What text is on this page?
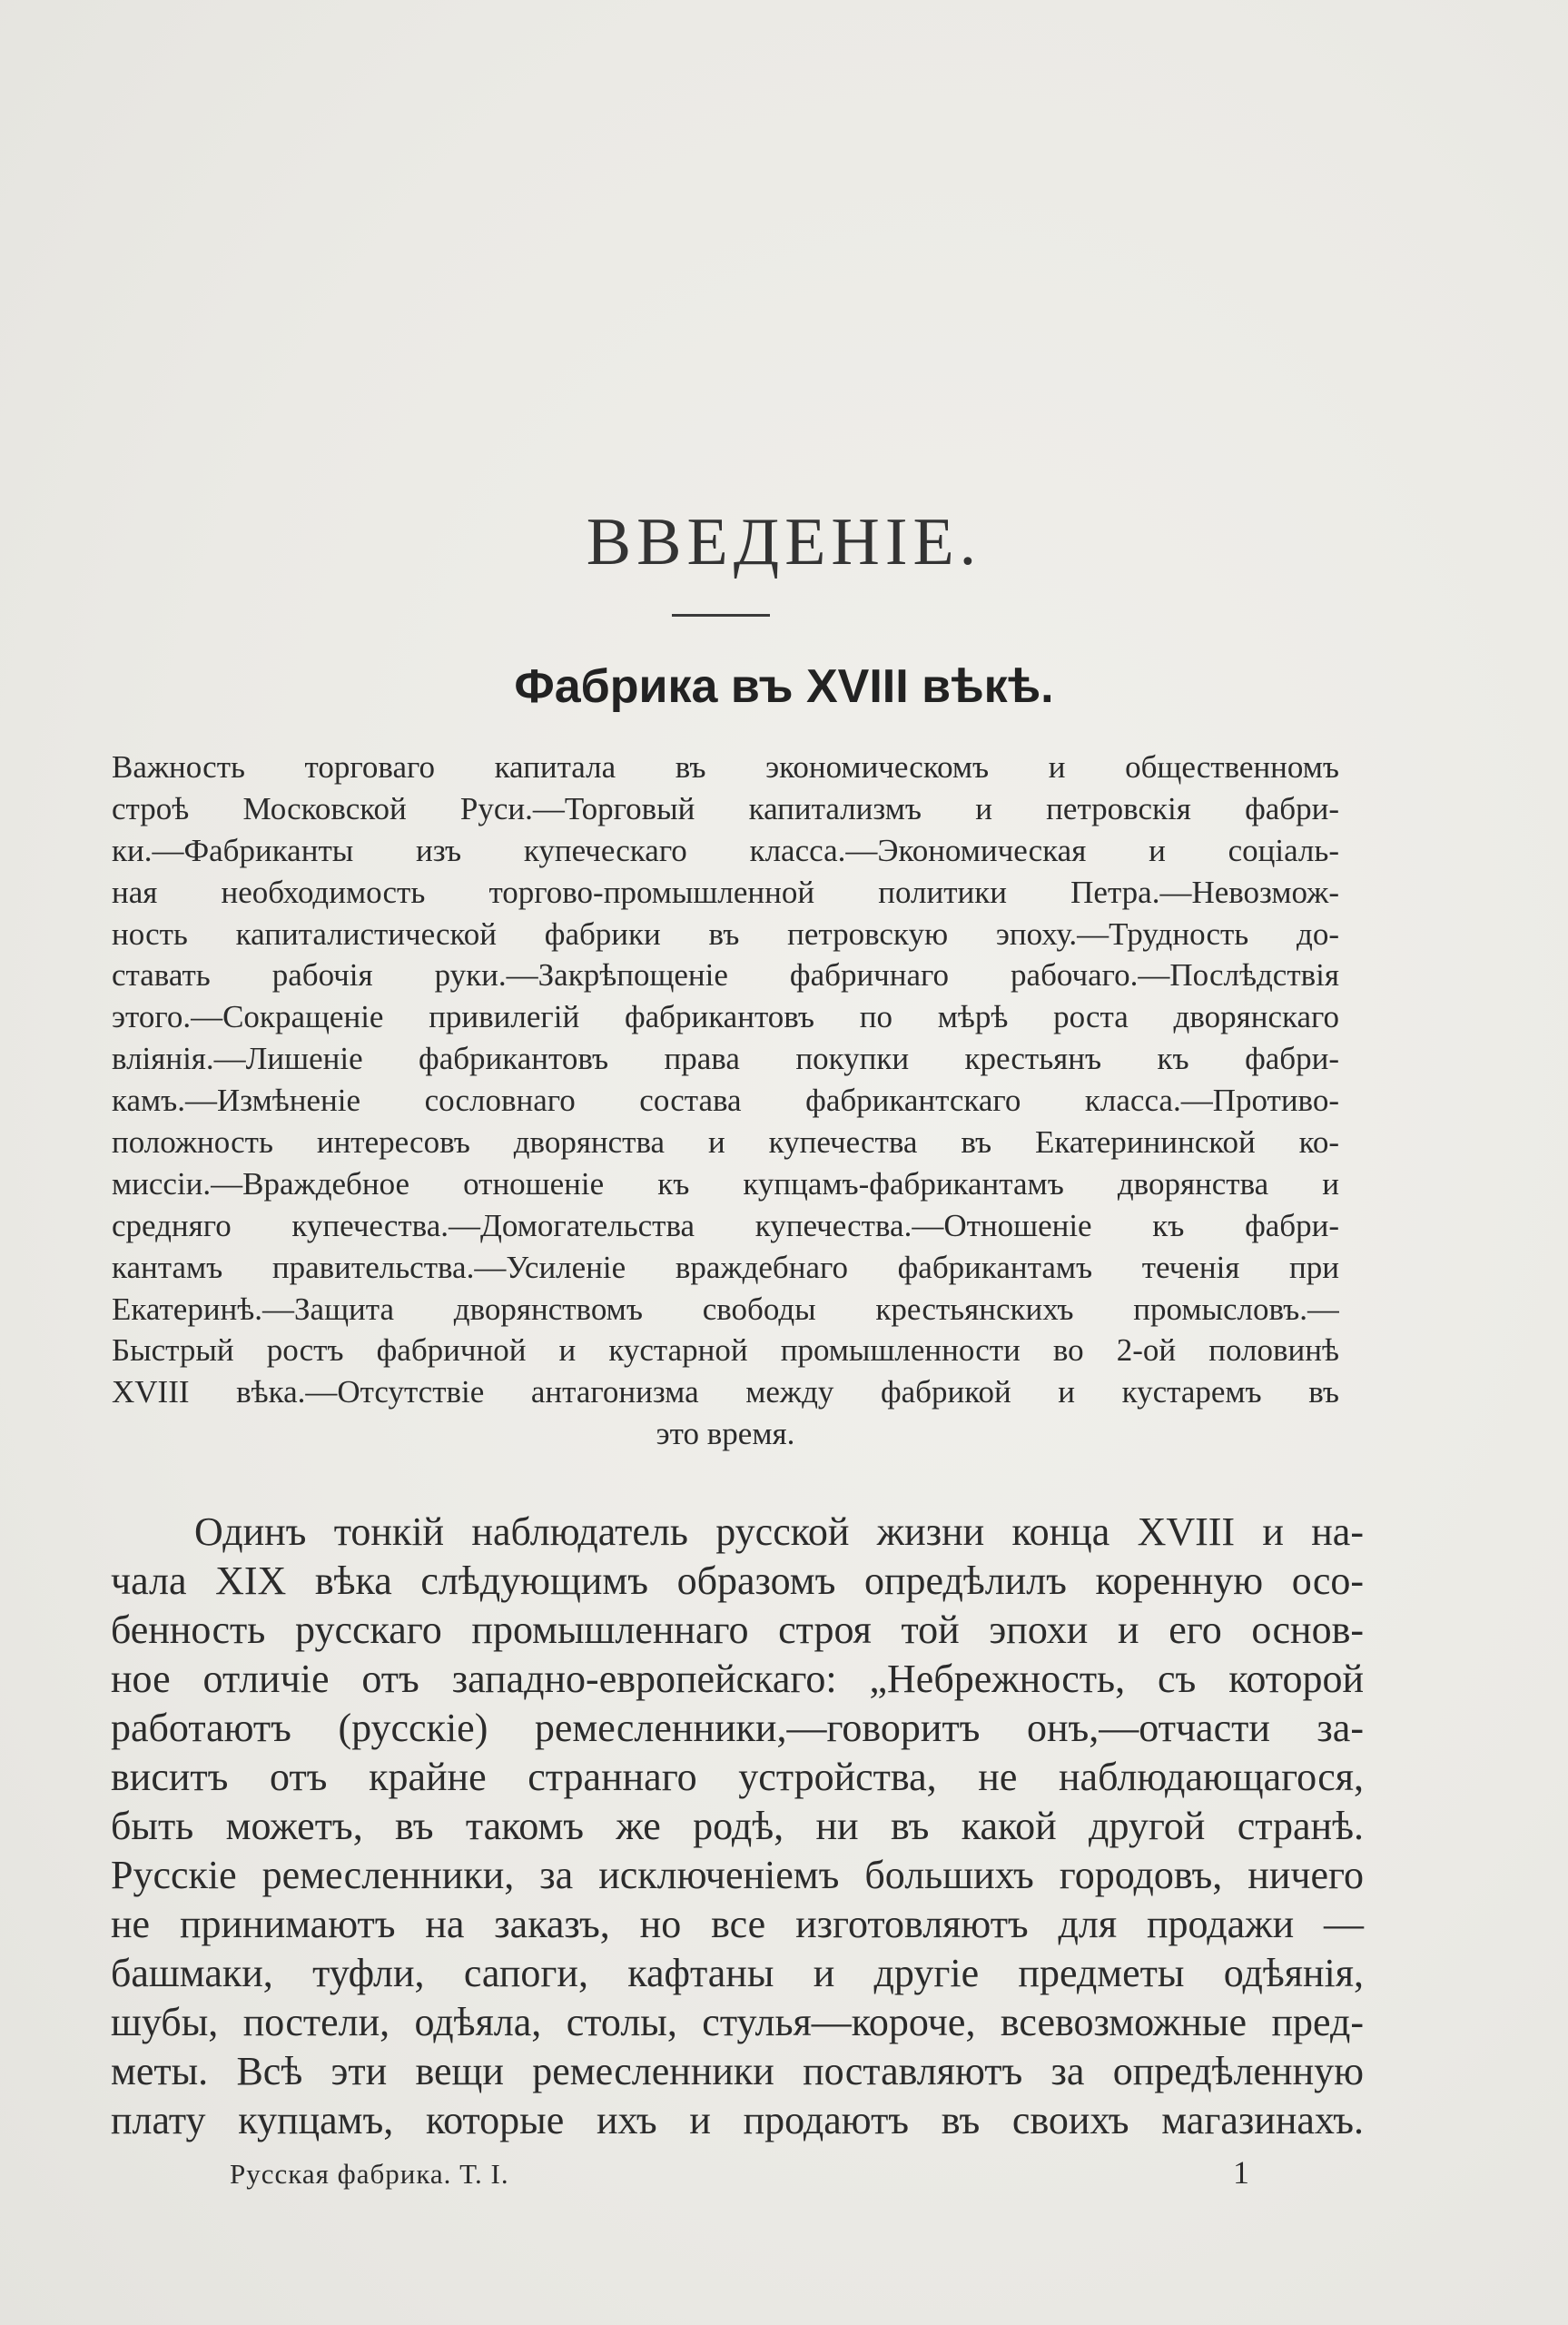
ВВЕДЕНІЕ.
Фабрика въ XVIII вѣкѣ.
Важность торговаго капитала въ экономическомъ и общественномъ
строѣ Московской Руси.—Торговый капитализмъ и петровскія фабри-
ки.—Фабриканты изъ купеческаго класса.—Экономическая и соціаль-
ная необходимость торгово-промышленной политики Петра.—Невозмож-
ность капиталистической фабрики въ петровскую эпоху.—Трудность до-
ставать рабочія руки.—Закрѣпощеніе фабричнаго рабочаго.—Послѣдствія
этого.—Сокращеніе привилегій фабрикантовъ по мѣрѣ роста дворянскаго
вліянія.—Лишеніе фабрикантовъ права покупки крестьянъ къ фабри-
камъ.—Измѣненіе сословнаго состава фабрикантскаго класса.—Противо-
положность интересовъ дворянства и купечества въ Екатерининской ко-
миссіи.—Враждебное отношеніе къ купцамъ-фабрикантамъ дворянства и
средняго купечества.—Домогательства купечества.—Отношеніе къ фабри-
кантамъ правительства.—Усиленіе враждебнаго фабрикантамъ теченія при
Екатеринѣ.—Защита дворянствомъ свободы крестьянскихъ промысловъ.—
Быстрый ростъ фабричной и кустарной промышленности во 2-ой половинѣ
XVIII вѣка.—Отсутствіе антагонизма между фабрикой и кустаремъ въ
это время.
Одинъ тонкій наблюдатель русской жизни конца XVIII и на-
чала XIX вѣка слѣдующимъ образомъ опредѣлилъ коренную осо-
бенность русскаго промышленнаго строя той эпохи и его основ-
ное отличіе отъ западно-европейскаго: „Небрежность, съ которой
работаютъ (русскіе) ремесленники,—говоритъ онъ,—отчасти за-
виситъ отъ крайне страннаго устройства, не наблюдающагося,
быть можетъ, въ такомъ же родѣ, ни въ какой другой странѣ.
Русскіе ремесленники, за исключеніемъ большихъ городовъ, ничего
не принимаютъ на заказъ, но все изготовляютъ для продажи —
башмаки, туфли, сапоги, кафтаны и другіе предметы одѣянія,
шубы, постели, одѣяла, столы, стулья—короче, всевозможные пред-
меты. Всѣ эти вещи ремесленники поставляютъ за опредѣленную
плату купцамъ, которые ихъ и продаютъ въ своихъ магазинахъ.
Русская фабрика. Т. I.	1
